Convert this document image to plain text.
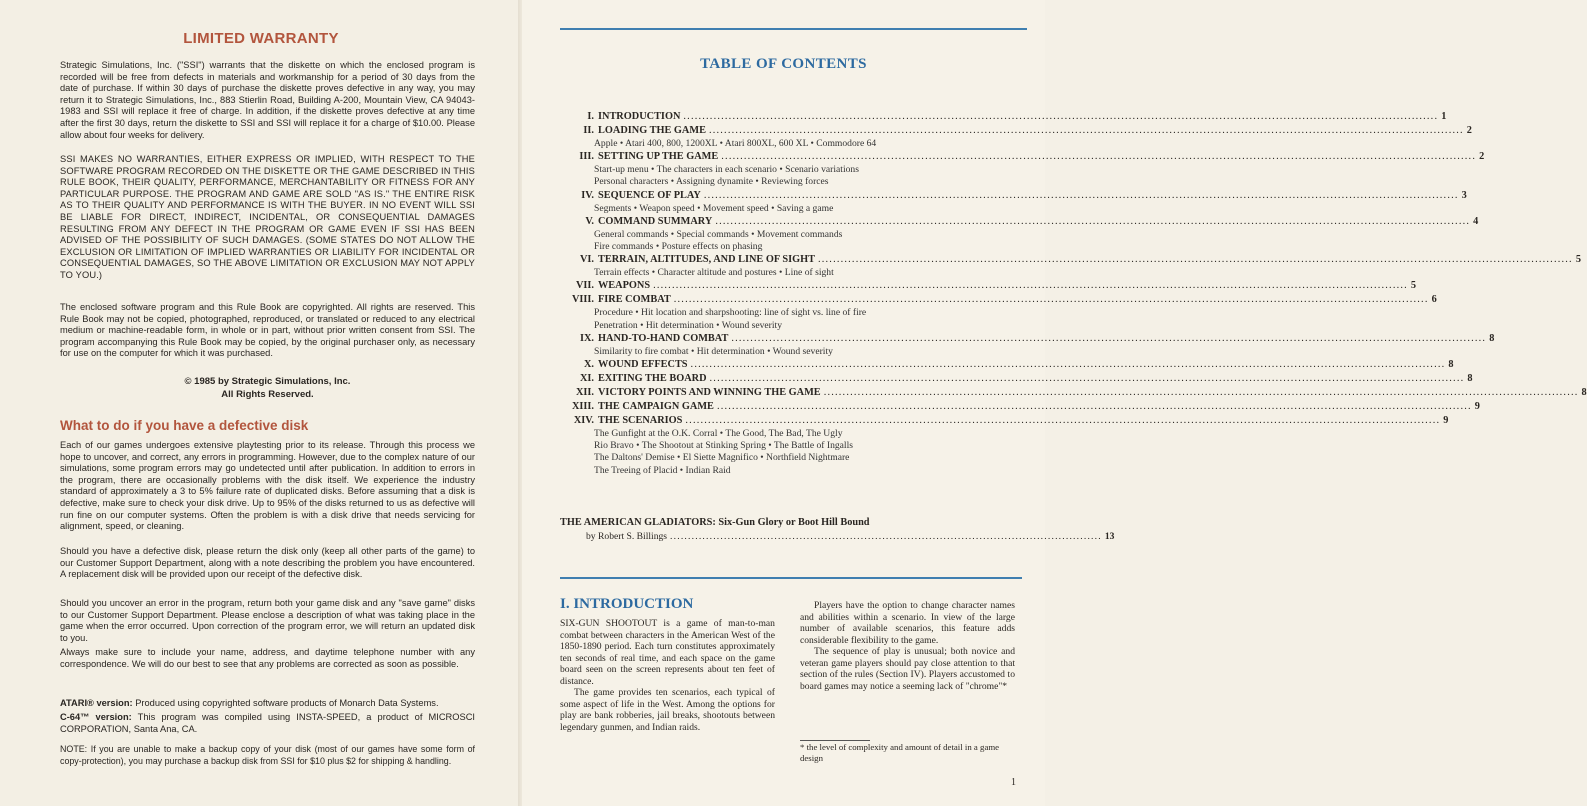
LIMITED WARRANTY

Strategic Simulations, Inc. ("SSI") warrants that the diskette on which the enclosed program is recorded will be free from defects in materials and workmanship for a period of 30 days from the date of purchase. If within 30 days of purchase the diskette proves defective in any way, you may return it to Strategic Simulations, Inc., 883 Stierlin Road, Building A-200, Mountain View, CA 94043-1983 and SSI will replace it free of charge. In addition, if the diskette proves defective at any time after the first 30 days, return the diskette to SSI and SSI will replace it for a charge of $10.00. Please allow about four weeks for delivery.

SSI MAKES NO WARRANTIES, EITHER EXPRESS OR IMPLIED, WITH RESPECT TO THE SOFTWARE PROGRAM RECORDED ON THE DISKETTE OR THE GAME DESCRIBED IN THIS RULE BOOK, THEIR QUALITY, PERFORMANCE, MERCHANTABILITY OR FITNESS FOR ANY PARTICULAR PURPOSE. THE PROGRAM AND GAME ARE SOLD "AS IS." THE ENTIRE RISK AS TO THEIR QUALITY AND PERFORMANCE IS WITH THE BUYER. IN NO EVENT WILL SSI BE LIABLE FOR DIRECT, INDIRECT, INCIDENTAL, OR CONSEQUENTIAL DAMAGES RESULTING FROM ANY DEFECT IN THE PROGRAM OR GAME EVEN IF SSI HAS BEEN ADVISED OF THE POSSIBILITY OF SUCH DAMAGES. (SOME STATES DO NOT ALLOW THE EXCLUSION OR LIMITATION OF IMPLIED WARRANTIES OR LIABILITY FOR INCIDENTAL OR CONSEQUENTIAL DAMAGES, SO THE ABOVE LIMITATION OR EXCLUSION MAY NOT APPLY TO YOU.)

The enclosed software program and this Rule Book are copyrighted. All rights are reserved. This Rule Book may not be copied, photographed, reproduced, or translated or reduced to any electrical medium or machine-readable form, in whole or in part, without prior written consent from SSI. The program accompanying this Rule Book may be copied, by the original purchaser only, as necessary for use on the computer for which it was purchased.

© 1985 by Strategic Simulations, Inc.
All Rights Reserved.
What to do if you have a defective disk

Each of our games undergoes extensive playtesting prior to its release. Through this process we hope to uncover, and correct, any errors in programming. However, due to the complex nature of our simulations, some program errors may go undetected until after publication. In addition to errors in the program, there are occasionally problems with the disk itself. We experience the industry standard of approximately a 3 to 5% failure rate of duplicated disks. Before assuming that a disk is defective, make sure to check your disk drive. Up to 95% of the disks returned to us as defective will run fine on our computer systems. Often the problem is with a disk drive that needs servicing for alignment, speed, or cleaning.

Should you have a defective disk, please return the disk only (keep all other parts of the game) to our Customer Support Department, along with a note describing the problem you have encountered. A replacement disk will be provided upon our receipt of the defective disk.

Should you uncover an error in the program, return both your game disk and any "save game" disks to our Customer Support Department. Please enclose a description of what was taking place in the game when the error occurred. Upon correction of the program error, we will return an updated disk to you.

Always make sure to include your name, address, and daytime telephone number with any correspondence. We will do our best to see that any problems are corrected as soon as possible.

ATARI® version: Produced using copyrighted software products of Monarch Data Systems.

C-64™ version: This program was compiled using INSTA-SPEED, a product of MICROSCI CORPORATION, Santa Ana, CA.

NOTE: If you are unable to make a backup copy of your disk (most of our games have some form of copy-protection), you may purchase a backup disk from SSI for $10 plus $2 for shipping & handling.

TABLE OF CONTENTS
I. INTRODUCTION ........................................................................................................................................................................................................ 1
II. LOADING THE GAME ........................................................................................................................................................................................................ 2
Apple • Atari 400, 800, 1200XL • Atari 800XL, 600 XL • Commodore 64
III. SETTING UP THE GAME ........................................................................................................................................................................................................ 2
Start-up menu • The characters in each scenario • Scenario variations
Personal characters • Assigning dynamite • Reviewing forces
IV. SEQUENCE OF PLAY ........................................................................................................................................................................................................ 3
Segments • Weapon speed • Movement speed • Saving a game
V. COMMAND SUMMARY ........................................................................................................................................................................................................ 4
General commands • Special commands • Movement commands
Fire commands • Posture effects on phasing
VI. TERRAIN, ALTITUDES, AND LINE OF SIGHT ........................................................................................................................................................................................................ 5
Terrain effects • Character altitude and postures • Line of sight
VII. WEAPONS ........................................................................................................................................................................................................ 5
VIII. FIRE COMBAT ........................................................................................................................................................................................................ 6
Procedure • Hit location and sharpshooting: line of sight vs. line of fire
Penetration • Hit determination • Wound severity
IX. HAND-TO-HAND COMBAT ........................................................................................................................................................................................................ 8
Similarity to fire combat • Hit determination • Wound severity
X. WOUND EFFECTS ........................................................................................................................................................................................................ 8
XI. EXITING THE BOARD ........................................................................................................................................................................................................ 8
XII. VICTORY POINTS AND WINNING THE GAME ........................................................................................................................................................................................................ 8
XIII. THE CAMPAIGN GAME ........................................................................................................................................................................................................ 9
XIV. THE SCENARIOS ........................................................................................................................................................................................................ 9
The Gunfight at the O.K. Corral • The Good, The Bad, The Ugly
Rio Bravo • The Shootout at Stinking Spring • The Battle of Ingalls
The Daltons' Demise • El Siette Magnifico • Northfield Nightmare
The Treeing of Placid • Indian Raid
THE AMERICAN GLADIATORS: Six-Gun Glory or Boot Hill Bound
by Robert S. Billings ........................................................................................................................ 13
I. INTRODUCTION

SIX-GUN SHOOTOUT is a game of man-to-man combat between characters in the American West of the 1850-1890 period. Each turn constitutes approximately ten seconds of real time, and each space on the game board seen on the screen represents about ten feet of distance.

The game provides ten scenarios, each typical of some aspect of life in the West. Among the options for play are bank robberies, jail breaks, shootouts between legendary gunmen, and Indian raids.

Players have the option to change character names and abilities within a scenario. In view of the large number of available scenarios, this feature adds considerable flexibility to the game.

The sequence of play is unusual; both novice and veteran game players should pay close attention to that section of the rules (Section IV). Players accustomed to board games may notice a seeming lack of "chrome"*

* the level of complexity and amount of detail in a game design
1
